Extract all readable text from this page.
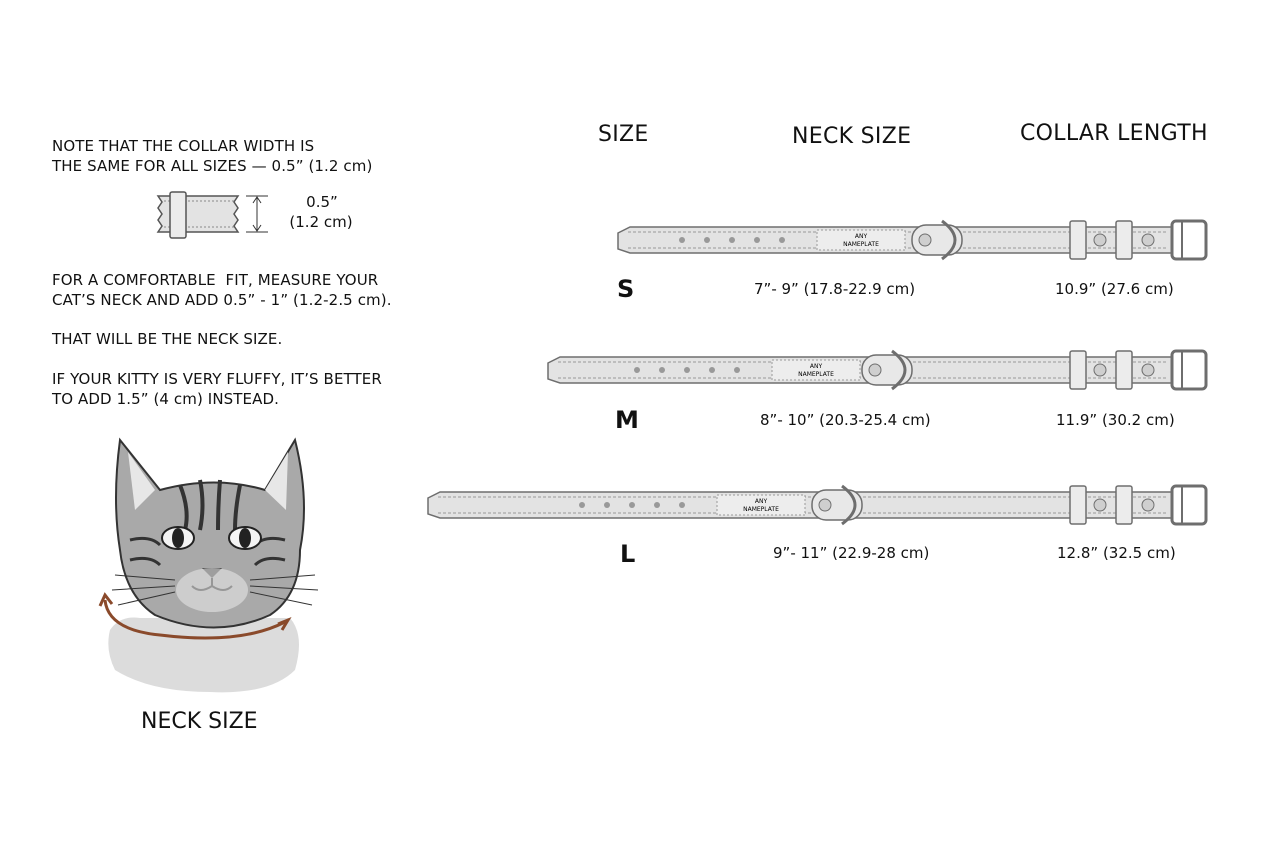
NOTE THAT THE COLLAR WIDTH IS
THE SAME FOR ALL SIZES — 0.5” (1.2 cm)
0.5”
(1.2 cm)
FOR A COMFORTABLE  FIT, MEASURE YOUR
CAT’S NECK AND ADD 0.5” - 1” (1.2-2.5 cm).
THAT WILL BE THE NECK SIZE.
IF YOUR KITTY IS VERY FLUFFY, IT’S BETTER
TO ADD 1.5” (4 cm) INSTEAD.
NECK SIZE
SIZE	NECK SIZE	COLLAR LENGTH
ANY
NAMEPLATE
ANY
NAMEPLATE
ANY
NAMEPLATE
S	7”- 9” (17.8-22.9 cm)	10.9” (27.6 cm)
M	8”- 10” (20.3-25.4 cm)	11.9” (30.2 cm)
L	9”- 11” (22.9-28 cm)	12.8” (32.5 cm)
